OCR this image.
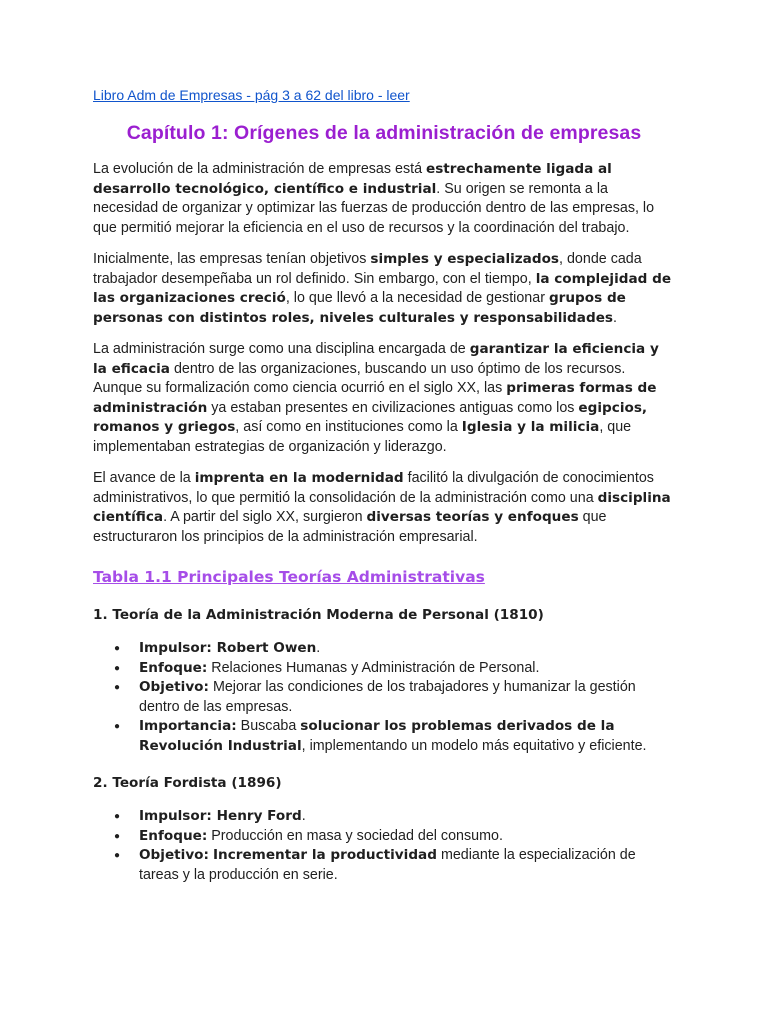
Libro Adm de Empresas - pág 3 a 62 del libro - leer
Capítulo 1: Orígenes de la administración de empresas

La evolución de la administración de empresas está estrechamente ligada al desarrollo tecnológico, científico e industrial. Su origen se remonta a la necesidad de organizar y optimizar las fuerzas de producción dentro de las empresas, lo que permitió mejorar la eficiencia en el uso de recursos y la coordinación del trabajo.

Inicialmente, las empresas tenían objetivos simples y especializados, donde cada trabajador desempeñaba un rol definido. Sin embargo, con el tiempo, la complejidad de las organizaciones creció, lo que llevó a la necesidad de gestionar grupos de personas con distintos roles, niveles culturales y responsabilidades.

La administración surge como una disciplina encargada de garantizar la eficiencia y la eficacia dentro de las organizaciones, buscando un uso óptimo de los recursos. Aunque su formalización como ciencia ocurrió en el siglo XX, las primeras formas de administración ya estaban presentes en civilizaciones antiguas como los egipcios, romanos y griegos, así como en instituciones como la Iglesia y la milicia, que implementaban estrategias de organización y liderazgo.

El avance de la imprenta en la modernidad facilitó la divulgación de conocimientos administrativos, lo que permitió la consolidación de la administración como una disciplina científica. A partir del siglo XX, surgieron diversas teorías y enfoques que estructuraron los principios de la administración empresarial.

Tabla 1.1 Principales Teorías Administrativas
1. Teoría de la Administración Moderna de Personal (1810)
● Impulsor: Robert Owen.
● Enfoque: Relaciones Humanas y Administración de Personal.
● Objetivo: Mejorar las condiciones de los trabajadores y humanizar la gestión dentro de las empresas.
● Importancia: Buscaba solucionar los problemas derivados de la Revolución Industrial, implementando un modelo más equitativo y eficiente.
2. Teoría Fordista (1896)
● Impulsor: Henry Ford.
● Enfoque: Producción en masa y sociedad del consumo.
● Objetivo: Incrementar la productividad mediante la especialización de tareas y la producción en serie.
